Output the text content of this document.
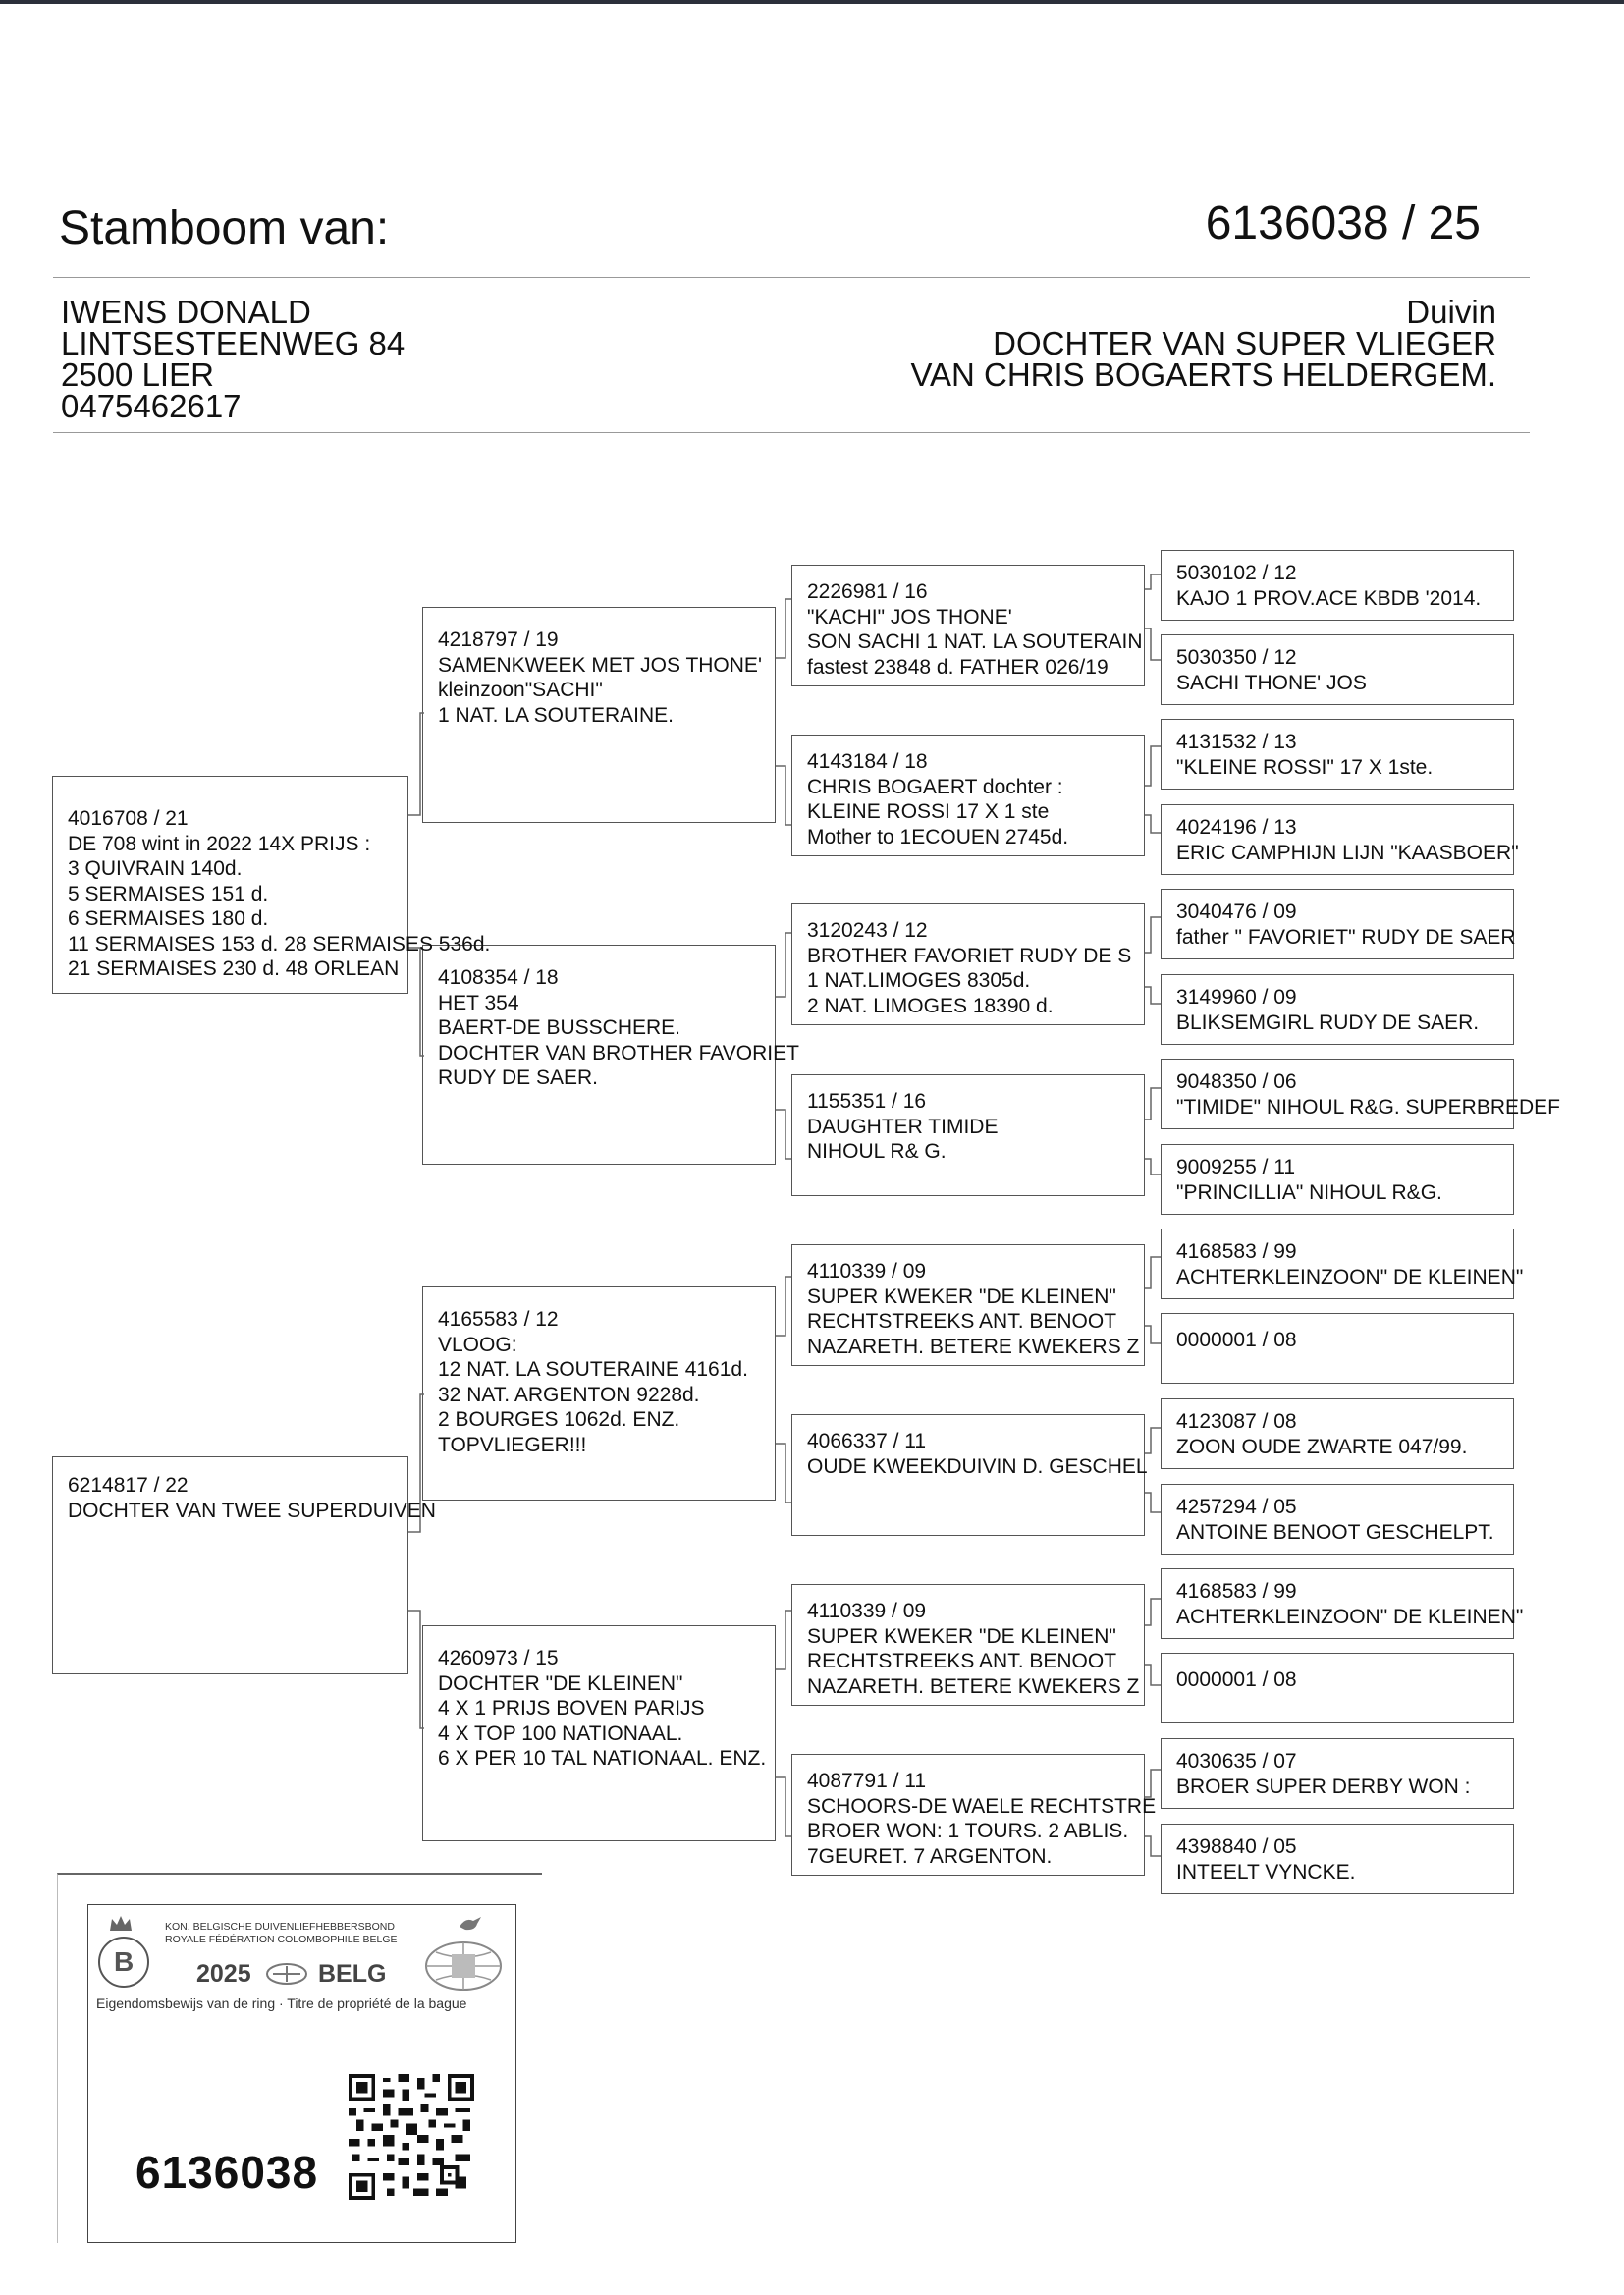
Stamboom van:	6136038 / 25
IWENS DONALD
LINTSESTEENWEG 84
2500 LIER
0475462617
Duivin
DOCHTER VAN SUPER VLIEGER
VAN CHRIS BOGAERTS HELDERGEM.
4016708 / 21
DE 708 wint in 2022 14X PRIJS :
3 QUIVRAIN 140d.
5 SERMAISES 151 d.
6 SERMAISES 180 d.
11 SERMAISES 153 d. 28 SERMAISES 536d.
21 SERMAISES 230 d. 48 ORLEAN
6214817 / 22
DOCHTER VAN TWEE SUPERDUIVEN
4218797 / 19
SAMENKWEEK MET JOS THONE'
kleinzoon"SACHI"
1 NAT. LA SOUTERAINE.
4108354 / 18
HET 354
BAERT-DE BUSSCHERE.
DOCHTER VAN BROTHER FAVORIET
RUDY DE SAER.
4165583 / 12
VLOOG:
12 NAT. LA SOUTERAINE 4161d.
32 NAT. ARGENTON 9228d.
2 BOURGES 1062d. ENZ.
TOPVLIEGER!!!
4260973 / 15
DOCHTER "DE KLEINEN"
4 X 1 PRIJS BOVEN PARIJS
4 X TOP 100 NATIONAAL.
6 X PER 10 TAL NATIONAAL. ENZ.
2226981 / 16
"KACHI" JOS THONE'
SON SACHI 1 NAT. LA SOUTERAIN
fastest 23848 d. FATHER 026/19
4143184 / 18
CHRIS BOGAERT dochter :
KLEINE ROSSI 17 X 1 ste
Mother to 1ECOUEN 2745d.
3120243 / 12
BROTHER FAVORIET RUDY DE S
1 NAT.LIMOGES 8305d.
2 NAT. LIMOGES 18390 d.
1155351 / 16
DAUGHTER TIMIDE
NIHOUL R& G.
4110339 / 09
SUPER KWEKER "DE KLEINEN"
RECHTSTREEKS ANT. BENOOT
NAZARETH. BETERE KWEKERS Z
4066337 / 11
OUDE KWEEKDUIVIN D. GESCHEL
4110339 / 09
SUPER KWEKER "DE KLEINEN"
RECHTSTREEKS ANT. BENOOT
NAZARETH. BETERE KWEKERS Z
4087791 / 11
SCHOORS-DE WAELE RECHTSTRE
BROER WON: 1 TOURS. 2 ABLIS.
7GEURET. 7 ARGENTON.
5030102 / 12
KAJO 1 PROV.ACE KBDB '2014.
5030350 / 12
SACHI THONE' JOS
4131532 / 13
"KLEINE ROSSI" 17 X 1ste.
4024196 / 13
ERIC CAMPHIJN LIJN "KAASBOER"
3040476 / 09
father " FAVORIET" RUDY DE SAER
3149960 / 09
BLIKSEMGIRL RUDY DE SAER.
9048350 / 06
"TIMIDE" NIHOUL R&G. SUPERBREDEF
9009255 / 11
"PRINCILLIA" NIHOUL R&G.
4168583 / 99
ACHTERKLEINZOON" DE KLEINEN"
0000001 / 08
4123087 / 08
ZOON OUDE ZWARTE 047/99.
4257294 / 05
ANTOINE BENOOT GESCHELPT.
4168583 / 99
ACHTERKLEINZOON" DE KLEINEN"
0000001 / 08
4030635 / 07
BROER SUPER DERBY WON :
4398840 / 05
INTEELT VYNCKE.
B
KON. BELGISCHE DUIVENLIEFHEBBERSBOND
ROYALE FÉDÉRATION COLOMBOPHILE BELGE
2025	BELG
Eigendomsbewijs van de ring · Titre de propriété de la bague
6136038
